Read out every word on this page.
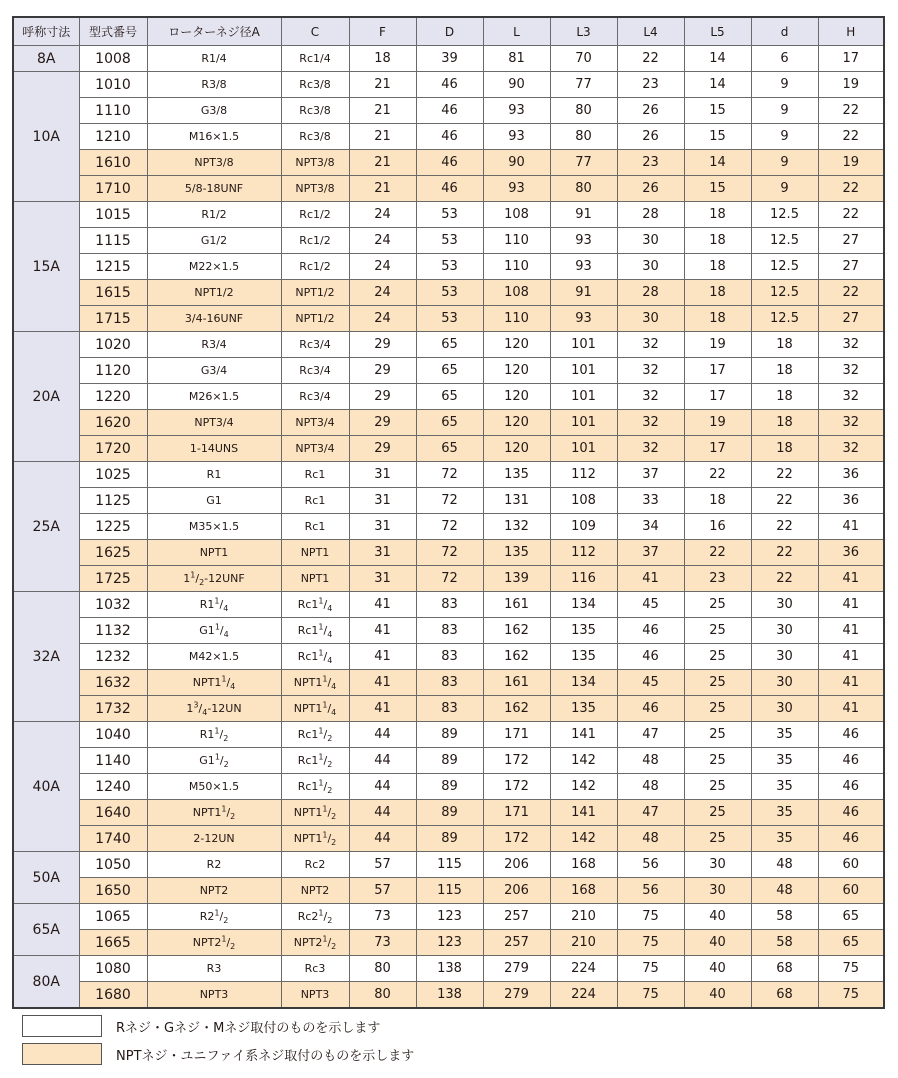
呼称寸法	型式番号	ローターネジ径A	C	F	D	L	L3	L4	L5	d	H
8A	1008	R1/4	Rc1/4	18	39	81	70	22	14	6	17
10A	1010	R3/8	Rc3/8	21	46	90	77	23	14	9	19
	1110	G3/8	Rc3/8	21	46	93	80	26	15	9	22
	1210	M16×1.5	Rc3/8	21	46	93	80	26	15	9	22
	1610	NPT3/8	NPT3/8	21	46	90	77	23	14	9	19
	1710	5/8-18UNF	NPT3/8	21	46	93	80	26	15	9	22
15A	1015	R1/2	Rc1/2	24	53	108	91	28	18	12.5	22
	1115	G1/2	Rc1/2	24	53	110	93	30	18	12.5	27
	1215	M22×1.5	Rc1/2	24	53	110	93	30	18	12.5	27
	1615	NPT1/2	NPT1/2	24	53	108	91	28	18	12.5	22
	1715	3/4-16UNF	NPT1/2	24	53	110	93	30	18	12.5	27
20A	1020	R3/4	Rc3/4	29	65	120	101	32	19	18	32
	1120	G3/4	Rc3/4	29	65	120	101	32	17	18	32
	1220	M26×1.5	Rc3/4	29	65	120	101	32	17	18	32
	1620	NPT3/4	NPT3/4	29	65	120	101	32	19	18	32
	1720	1-14UNS	NPT3/4	29	65	120	101	32	17	18	32
25A	1025	R1	Rc1	31	72	135	112	37	22	22	36
	1125	G1	Rc1	31	72	131	108	33	18	22	36
	1225	M35×1.5	Rc1	31	72	132	109	34	16	22	41
	1625	NPT1	NPT1	31	72	135	112	37	22	22	36
	1725	$1^1/_2-12UNF$	NPT1	31	72	139	116	41	23	22	41
32A	1032	$R1^1/_4$	$Rc1^1/_4$	41	83	161	134	45	25	30	41
	1132	$G1^1/_4$	$Rc1^1/_4$	41	83	162	135	46	25	30	41
	1232	M42×1.5	$Rc1^1/_4$	41	83	162	135	46	25	30	41
	1632	$NPT1^1/_4$	$NPT1^1/_4$	41	83	161	134	45	25	30	41
	1732	$1^3/_4-12UN$	$NPT1^1/_4$	41	83	162	135	46	25	30	41
40A	1040	$R1^1/_2$	$Rc1^1/_2$	44	89	171	141	47	25	35	46
	1140	$G1^1/_2$	$Rc1^1/_2$	44	89	172	142	48	25	35	46
	1240	M50×1.5	$Rc1^1/_2$	44	89	172	142	48	25	35	46
	1640	$NPT1^1/_2$	$NPT1^1/_2$	44	89	171	141	47	25	35	46
	1740	2-12UN	$NPT1^1/_2$	44	89	172	142	48	25	35	46
50A	1050	R2	Rc2	57	115	206	168	56	30	48	60
	1650	NPT2	NPT2	57	115	206	168	56	30	48	60
65A	1065	$R2^1/_2$	$Rc2^1/_2$	73	123	257	210	75	40	58	65
	1665	$NPT2^1/_2$	$NPT2^1/_2$	73	123	257	210	75	40	58	65
80A	1080	R3	Rc3	80	138	279	224	75	40	68	75
	1680	NPT3	NPT3	80	138	279	224	75	40	68	75
Rネジ・Gネジ・Mネジ取付のものを示します
NPTネジ・ユニファイ系ネジ取付のものを示します
